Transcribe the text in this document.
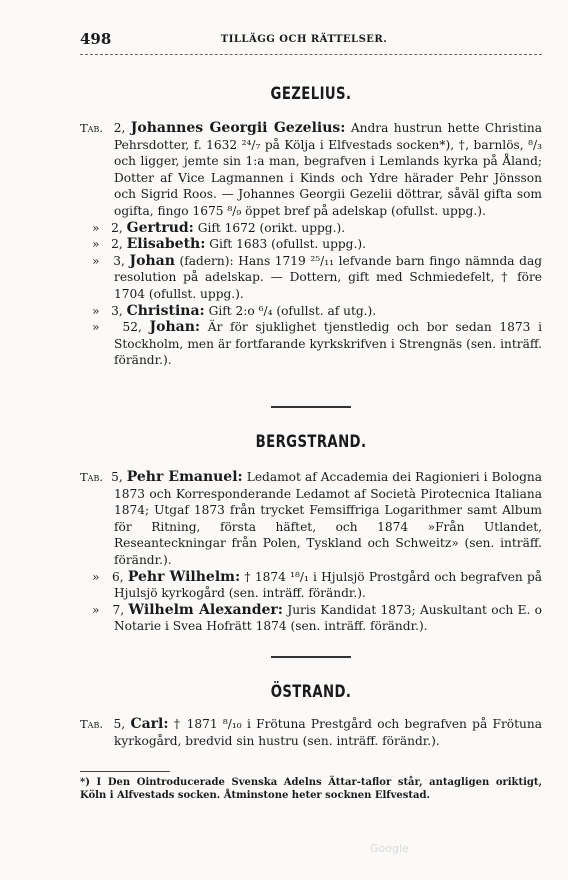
498	TILLÄGG OCH RÄTTELSER.

GEZELIUS.

Tab. 2, Johannes Georgii Gezelius: Andra hustrun hette Christina Pehrsdotter, f. 1632 ²⁴/₇ på Kölja i Elfvestads socken*), †, barnlös, ⁸/₃ och ligger, jemte sin 1:a man, begrafven i Lemlands kyrka på Åland; Dotter af Vice Lagmannen i Kinds och Ydre härader Pehr Jönsson och Sigrid Roos. — Johannes Georgii Gezelii döttrar, såväl gifta som ogifta, fingo 1675 ⁸/₉ öppet bref på adelskap (ofullst. uppg.).

» 2, Gertrud: Gift 1672 (orikt. uppg.).

» 2, Elisabeth: Gift 1683 (ofullst. uppg.).

» 3, Johan (fadern): Hans 1719 ²⁵/₁₁ lefvande barn fingo nämnda dag resolution på adelskap. — Dottern, gift med Schmiedefelt, † före 1704 (ofullst. uppg.).

» 3, Christina: Gift 2:o ⁶/₄ (ofullst. af utg.).

» 52, Johan: Är för sjuklighet tjenstledig och bor sedan 1873 i Stockholm, men är fortfarande kyrkskrifven i Strengnäs (sen. inträff. förändr.).

BERGSTRAND.

Tab. 5, Pehr Emanuel: Ledamot af Accademia dei Ragionieri i Bologna 1873 och Korresponderande Ledamot af Società Pirotecnica Italiana 1874; Utgaf 1873 från trycket Femsiffriga Logarithmer samt Album för Ritning, första häftet, och 1874 »Från Utlandet, Reseanteckningar från Polen, Tyskland och Schweitz» (sen. inträff. förändr.).

» 6, Pehr Wilhelm: † 1874 ¹⁸/₁ i Hjulsjö Prostgård och begrafven på Hjulsjö kyrkogård (sen. inträff. förändr.).

» 7, Wilhelm Alexander: Juris Kandidat 1873; Auskultant och E. o Notarie i Svea Hofrätt 1874 (sen. inträff. förändr.).

ÖSTRAND.

Tab. 5, Carl: † 1871 ⁸/₁₀ i Frötuna Prestgård och begrafven på Frötuna kyrkogård, bredvid sin hustru (sen. inträff. förändr.).

*) I Den Ointroducerade Svenska Adelns Ättar-taflor står, antagligen oriktigt, Köln i Alfvestads socken. Åtminstone heter socknen Elfvestad.

Google
